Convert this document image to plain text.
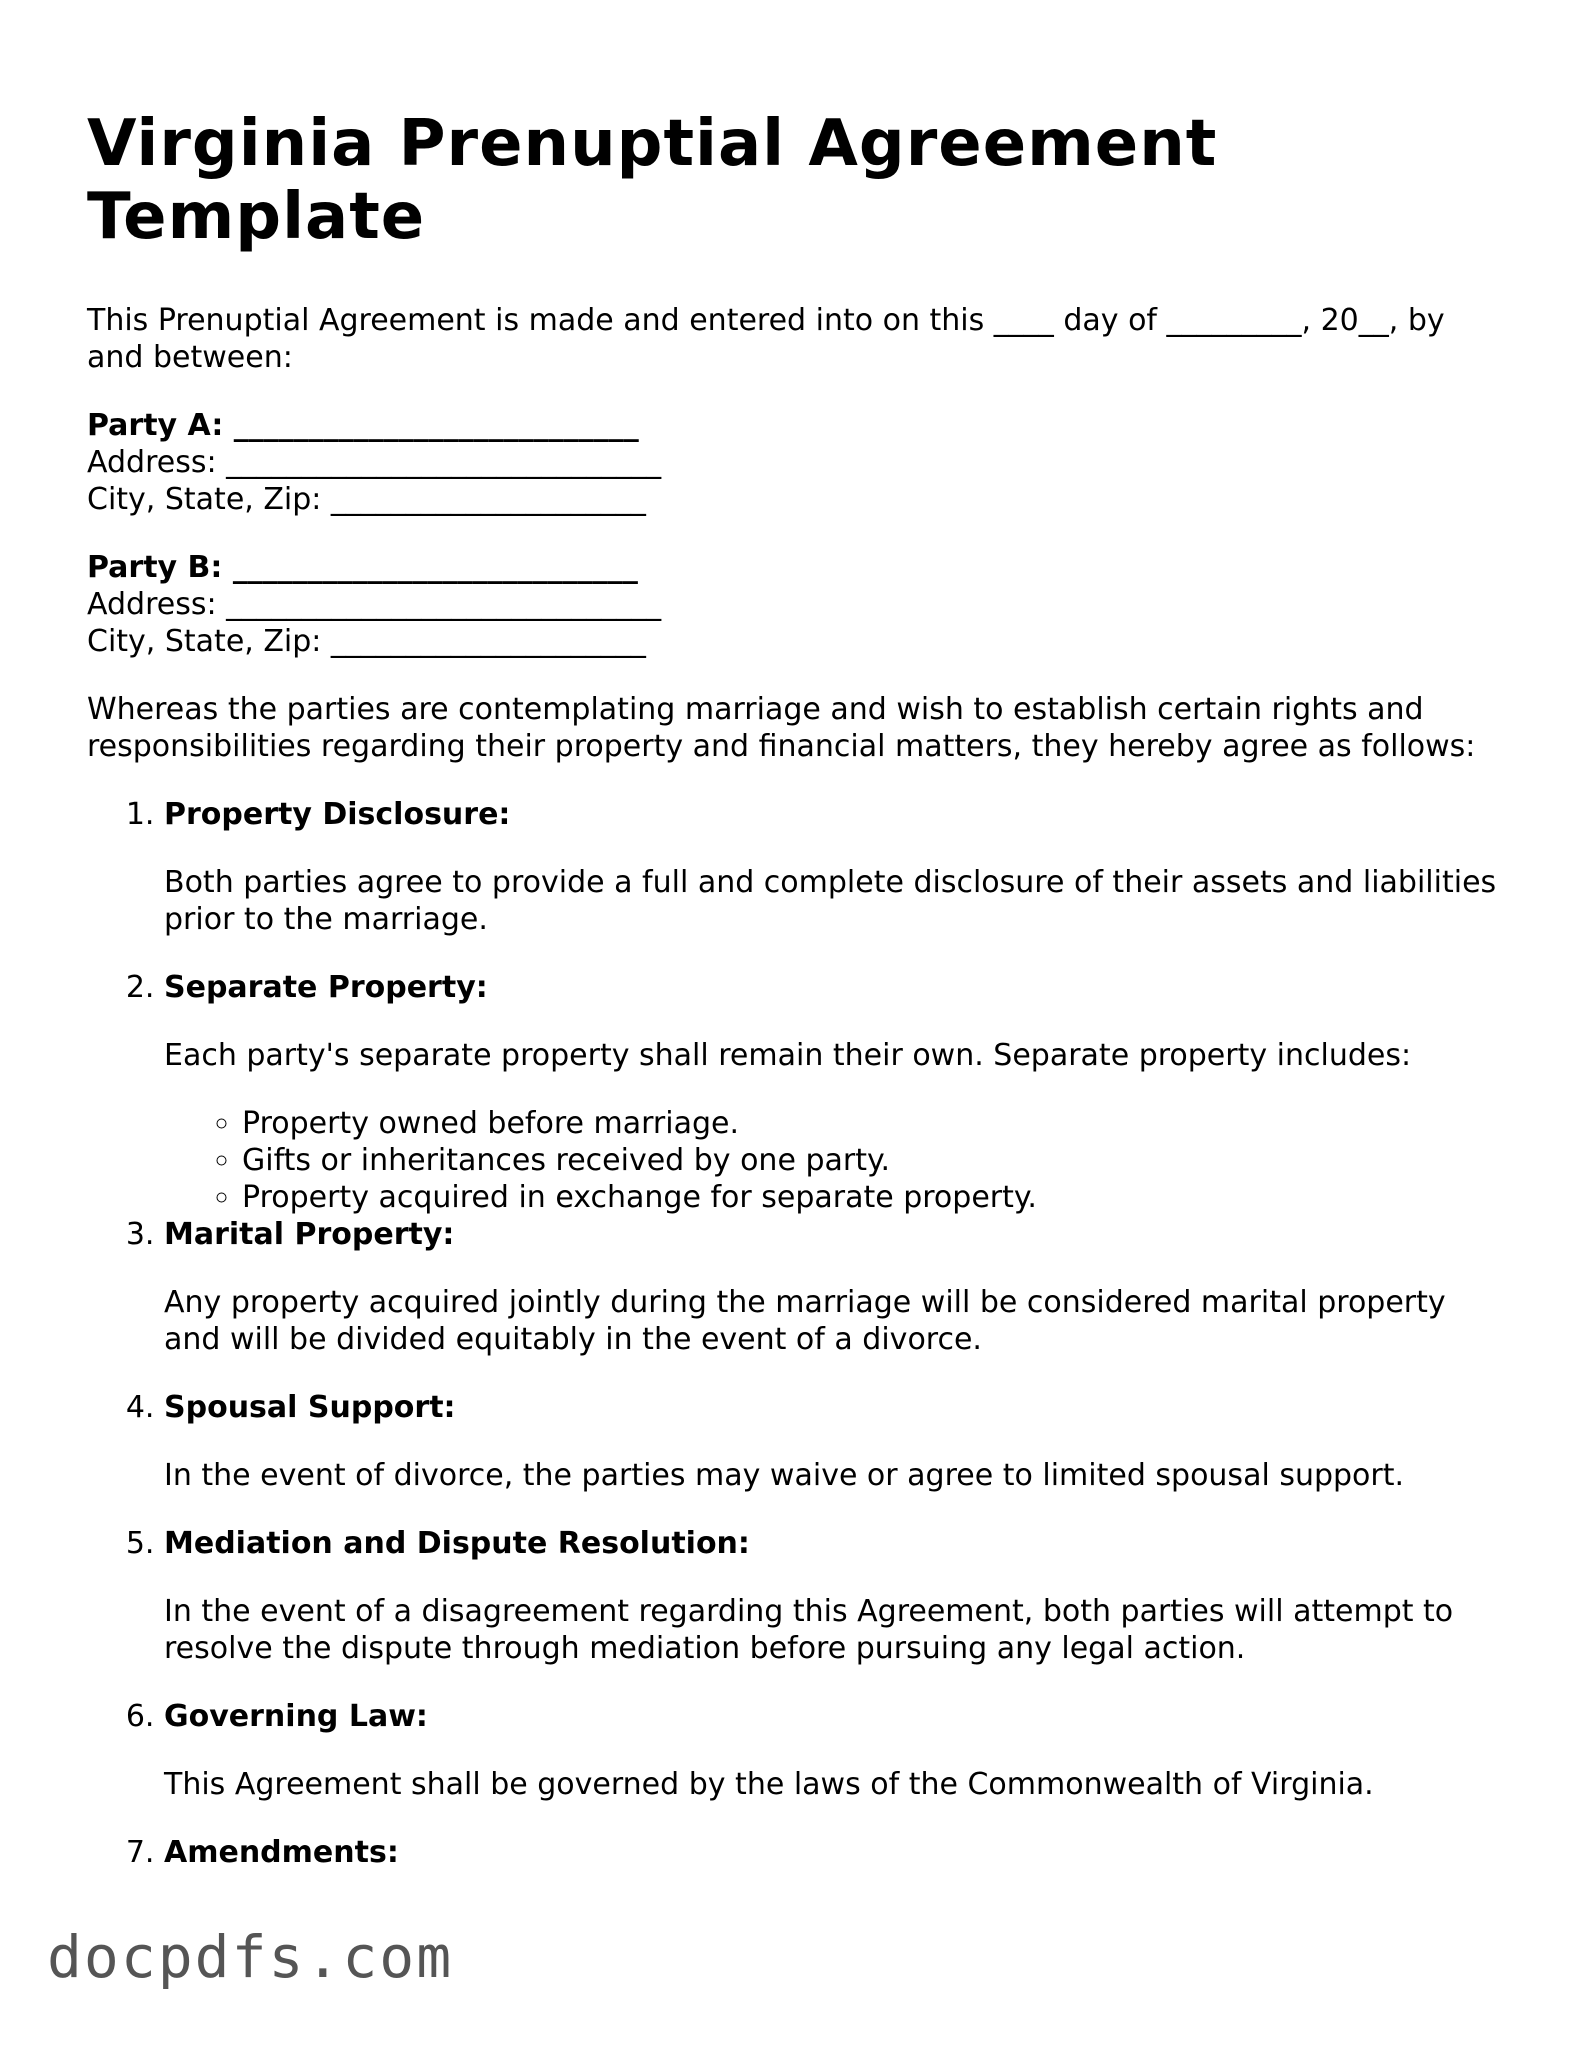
Virginia Prenuptial Agreement Template

This Prenuptial Agreement is made and entered into on this ____ day of _________, 20__, by and between:

Party A: ___________________________
Address: _____________________________
City, State, Zip: _____________________
Party B: ___________________________
Address: _____________________________
City, State, Zip: _____________________

Whereas the parties are contemplating marriage and wish to establish certain rights and responsibilities regarding their property and financial matters, they hereby agree as follows:

1. Property Disclosure:
Both parties agree to provide a full and complete disclosure of their assets and liabilities prior to the marriage.
2. Separate Property:
Each party's separate property shall remain their own. Separate property includes:
◦ Property owned before marriage.
◦ Gifts or inheritances received by one party.
◦ Property acquired in exchange for separate property.
3. Marital Property:
Any property acquired jointly during the marriage will be considered marital property and will be divided equitably in the event of a divorce.
4. Spousal Support:
In the event of divorce, the parties may waive or agree to limited spousal support.
5. Mediation and Dispute Resolution:
In the event of a disagreement regarding this Agreement, both parties will attempt to resolve the dispute through mediation before pursuing any legal action.
6. Governing Law:
This Agreement shall be governed by the laws of the Commonwealth of Virginia.
7. Amendments:
docpdfs.com
